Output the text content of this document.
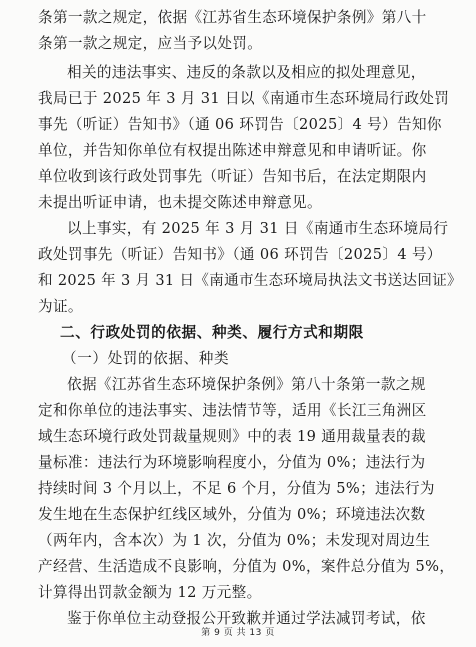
条第一款之规定，依据《江苏省生态环境保护条例》第八十
条第一款之规定，应当予以处罚。
相关的违法事实、违反的条款以及相应的拟处理意见，
我局已于 2025 年 3 月 31 日以《南通市生态环境局行政处罚
事先（听证）告知书》（通 06 环罚告〔2025〕4 号）告知你
单位，并告知你单位有权提出陈述申辩意见和申请听证。你
单位收到该行政处罚事先（听证）告知书后，在法定期限内
未提出听证申请，也未提交陈述申辩意见。
以上事实，有 2025 年 3 月 31 日《南通市生态环境局行
政处罚事先（听证）告知书》（通 06 环罚告〔2025〕4 号）
和 2025 年 3 月 31 日《南通市生态环境局执法文书送达回证》
为证。
二、行政处罚的依据、种类、履行方式和期限
（一）处罚的依据、种类
依据《江苏省生态环境保护条例》第八十条第一款之规
定和你单位的违法事实、违法情节等，适用《长江三角洲区
域生态环境行政处罚裁量规则》中的表 19 通用裁量表的裁
量标准：违法行为环境影响程度小，分值为 0%；违法行为
持续时间 3 个月以上，不足 6 个月，分值为 5%；违法行为
发生地在生态保护红线区域外，分值为 0%；环境违法次数
（两年内，含本次）为 1 次，分值为 0%；未发现对周边生
产经营、生活造成不良影响，分值为 0%，案件总分值为 5%，
计算得出罚款金额为 12 万元整。
鉴于你单位主动登报公开致歉并通过学法减罚考试，依
第 9 页 共 13 页
